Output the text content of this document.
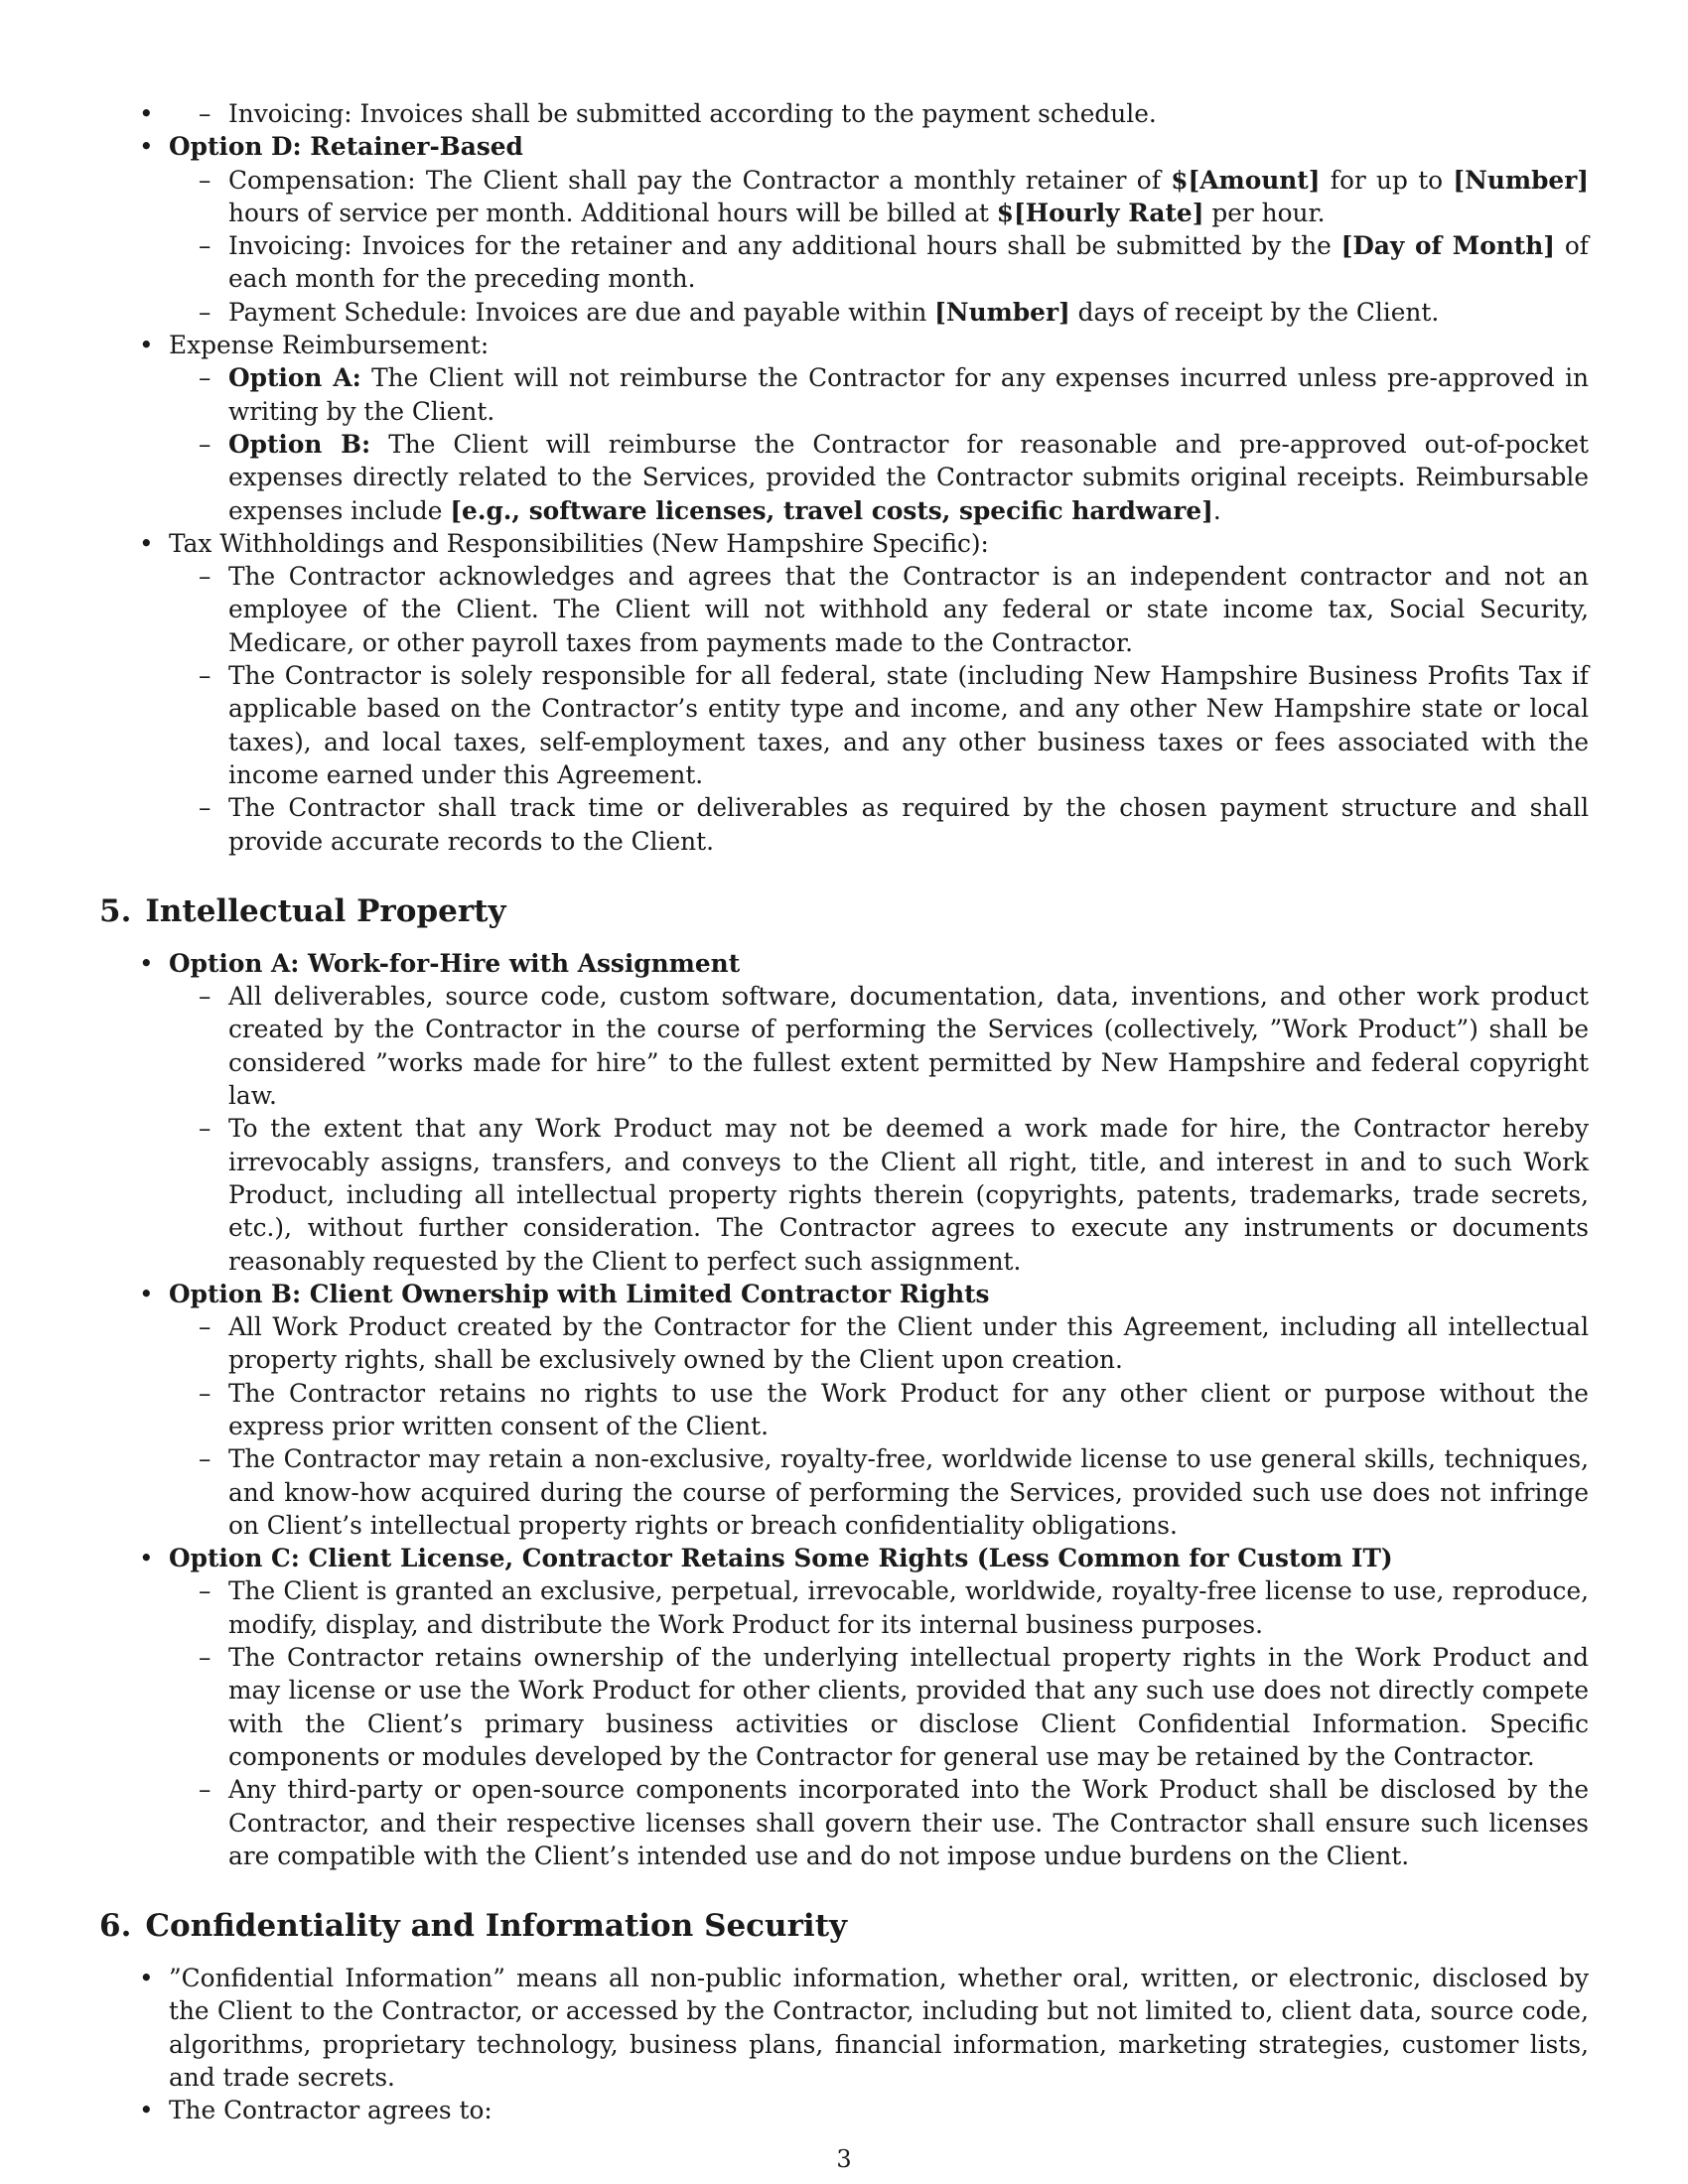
– • Invoicing: Invoices shall be submitted according to the payment schedule.
• Option D: Retainer-Based
– Compensation: The Client shall pay the Contractor a monthly retainer of $[Amount] for up to [Number] hours of service per month. Additional hours will be billed at $[Hourly Rate] per hour.
– Invoicing: Invoices for the retainer and any additional hours shall be submitted by the [Day of Month] of each month for the preceding month.
– Payment Schedule: Invoices are due and payable within [Number] days of receipt by the Client.
• Expense Reimbursement:
– Option A: The Client will not reimburse the Contractor for any expenses incurred unless pre-approved in writing by the Client.
– Option B: The Client will reimburse the Contractor for reasonable and pre-approved out-of-pocket expenses directly related to the Services, provided the Contractor submits original receipts. Reimbursable expenses include [e.g., software licenses, travel costs, specific hardware].
• Tax Withholdings and Responsibilities (New Hampshire Specific):
– The Contractor acknowledges and agrees that the Contractor is an independent contractor and not an employee of the Client. The Client will not withhold any federal or state income tax, Social Security, Medicare, or other payroll taxes from payments made to the Contractor.
– The Contractor is solely responsible for all federal, state (including New Hampshire Business Profits Tax if applicable based on the Contractor’s entity type and income, and any other New Hampshire state or local taxes), and local taxes, self-employment taxes, and any other business taxes or fees associated with the income earned under this Agreement.
– The Contractor shall track time or deliverables as required by the chosen payment structure and shall provide accurate records to the Client.
5. Intellectual Property
• Option A: Work-for-Hire with Assignment
– All deliverables, source code, custom software, documentation, data, inventions, and other work product created by the Contractor in the course of performing the Services (collectively, ”Work Product”) shall be considered ”works made for hire” to the fullest extent permitted by New Hampshire and federal copyright law.
– To the extent that any Work Product may not be deemed a work made for hire, the Contractor hereby irrevocably assigns, transfers, and conveys to the Client all right, title, and interest in and to such Work Product, including all intellectual property rights therein (copyrights, patents, trademarks, trade secrets, etc.), without further consideration. The Contractor agrees to execute any instruments or documents reasonably requested by the Client to perfect such assignment.
• Option B: Client Ownership with Limited Contractor Rights
– All Work Product created by the Contractor for the Client under this Agreement, including all intellectual property rights, shall be exclusively owned by the Client upon creation.
– The Contractor retains no rights to use the Work Product for any other client or purpose without the express prior written consent of the Client.
– The Contractor may retain a non-exclusive, royalty-free, worldwide license to use general skills, techniques, and know-how acquired during the course of performing the Services, provided such use does not infringe on Client’s intellectual property rights or breach confidentiality obligations.
• Option C: Client License, Contractor Retains Some Rights (Less Common for Custom IT)
– The Client is granted an exclusive, perpetual, irrevocable, worldwide, royalty-free license to use, reproduce, modify, display, and distribute the Work Product for its internal business purposes.
– The Contractor retains ownership of the underlying intellectual property rights in the Work Product and may license or use the Work Product for other clients, provided that any such use does not directly compete with the Client’s primary business activities or disclose Client Confidential Information. Specific components or modules developed by the Contractor for general use may be retained by the Contractor.
– Any third-party or open-source components incorporated into the Work Product shall be disclosed by the Contractor, and their respective licenses shall govern their use. The Contractor shall ensure such licenses are compatible with the Client’s intended use and do not impose undue burdens on the Client.
6. Confidentiality and Information Security
• ”Confidential Information” means all non-public information, whether oral, written, or electronic, disclosed by the Client to the Contractor, or accessed by the Contractor, including but not limited to, client data, source code, algorithms, proprietary technology, business plans, financial information, marketing strategies, customer lists, and trade secrets.
• The Contractor agrees to:
3
